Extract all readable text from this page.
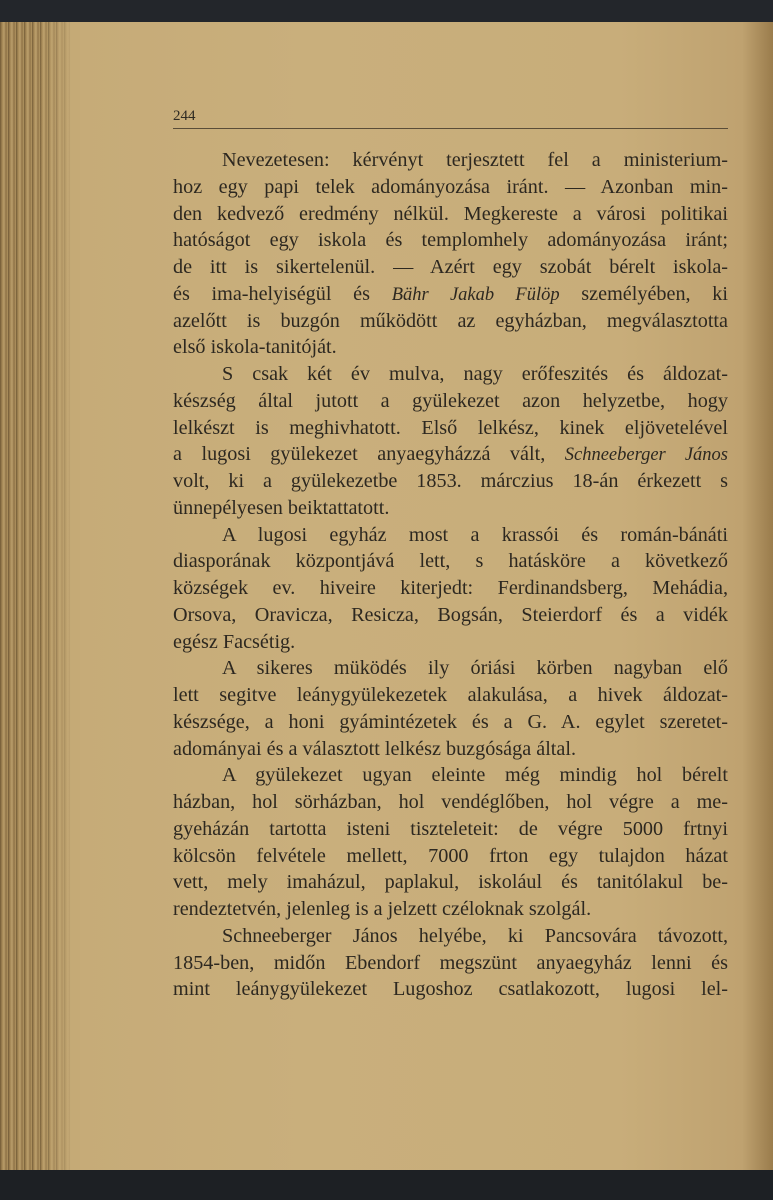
244
Nevezetesen: kérvényt terjesztett fel a ministerium-
hoz egy papi telek adományozása iránt. — Azonban min-
den kedvező eredmény nélkül. Megkereste a városi politikai
hatóságot egy iskola és templomhely adományozása iránt;
de itt is sikertelenül. — Azért egy szobát bérelt iskola-
és ima-helyiségül és Bähr Jakab Fülöp személyében, ki
azelőtt is buzgón működött az egyházban, megválasztotta
első iskola-tanitóját.
S csak két év mulva, nagy erőfeszités és áldozat-
készség által jutott a gyülekezet azon helyzetbe, hogy
lelkészt is meghivhatott. Első lelkész, kinek eljövetelével
a lugosi gyülekezet anyaegyházzá vált, Schneeberger János
volt, ki a gyülekezetbe 1853. márczius 18-án érkezett s
ünnepélyesen beiktattatott.
A lugosi egyház most a krassói és román-bánáti
diasporának központjává lett, s hatásköre a következő
községek ev. hiveire kiterjedt: Ferdinandsberg, Mehádia,
Orsova, Oravicza, Resicza, Bogsán, Steierdorf és a vidék
egész Facsétig.
A sikeres müködés ily óriási körben nagyban elő
lett segitve leánygyülekezetek alakulása, a hivek áldozat-
készsége, a honi gyámintézetek és a G. A. egylet szeretet-
adományai és a választott lelkész buzgósága által.
A gyülekezet ugyan eleinte még mindig hol bérelt
házban, hol sörházban, hol vendéglőben, hol végre a me-
gyeházán tartotta isteni tiszteleteit: de végre 5000 frtnyi
kölcsön felvétele mellett, 7000 frton egy tulajdon házat
vett, mely imaházul, paplakul, iskolául és tanitólakul be-
rendeztetvén, jelenleg is a jelzett czéloknak szolgál.
Schneeberger János helyébe, ki Pancsovára távozott,
1854-ben, midőn Ebendorf megszünt anyaegyház lenni és
mint leánygyülekezet Lugoshoz csatlakozott, lugosi lel-
